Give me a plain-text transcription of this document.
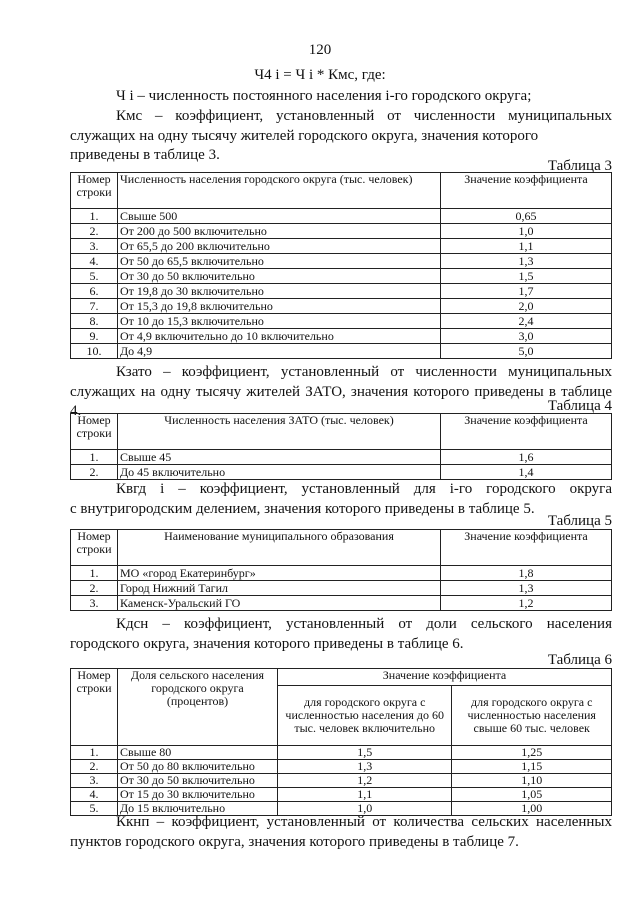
120
Ч4 i = Ч i * Кмс, где:
Ч i – численность постоянного населения i-го городского округа;
Кмс – коэффициент, установленный от численности муниципальных служащих на одну тысячу жителей городского округа, значения которого
приведены в таблице 3.
Таблица 3
Номер строки	Численность населения городского округа (тыс. человек)	Значение коэффициента
1.	Свыше 500	0,65
2.	От 200 до 500 включительно	1,0
3.	От 65,5 до 200 включительно	1,1
4.	От 50 до 65,5 включительно	1,3
5.	От 30 до 50 включительно	1,5
6.	От 19,8 до 30 включительно	1,7
7.	От 15,3 до 19,8 включительно	2,0
8.	От 10 до 15,3 включительно	2,4
9.	От 4,9 включительно до 10 включительно	3,0
10.	До 4,9	5,0
Кзато – коэффициент, установленный от численности муниципальных
служащих на одну тысячу жителей ЗАТО, значения которого приведены в таблице 4.	Таблица 4
Номер строки	Численность населения ЗАТО (тыс. человек)	Значение коэффициента
1.	Свыше 45	1,6
2.	До 45 включительно	1,4
Квгд i – коэффициент, установленный для i-го городского округа
с внутригородским делением, значения которого приведены в таблице 5.
Таблица 5
Номер строки	Наименование муниципального образования	Значение коэффициента
1.	МО «город Екатеринбург»	1,8
2.	Город Нижний Тагил	1,3
3.	Каменск-Уральский ГО	1,2
Кдсн – коэффициент, установленный от доли сельского населения
городского округа, значения которого приведены в таблице 6.
Таблица 6
Номер строки	Доля сельского населения городского округа (процентов)	Значение коэффициента	
		для городского округа с численностью населения до 60 тыс. человек включительно	для городского округа с численностью населения свыше 60 тыс. человек
1.	Свыше 80	1,5	1,25
2.	От 50 до 80 включительно	1,3	1,15
3.	От 30 до 50 включительно	1,2	1,10
4.	От 15 до 30 включительно	1,1	1,05
5.	До 15 включительно	1,0	1,00
Ккнп – коэффициент, установленный от количества сельских населенных
пунктов городского округа, значения которого приведены в таблице 7.
